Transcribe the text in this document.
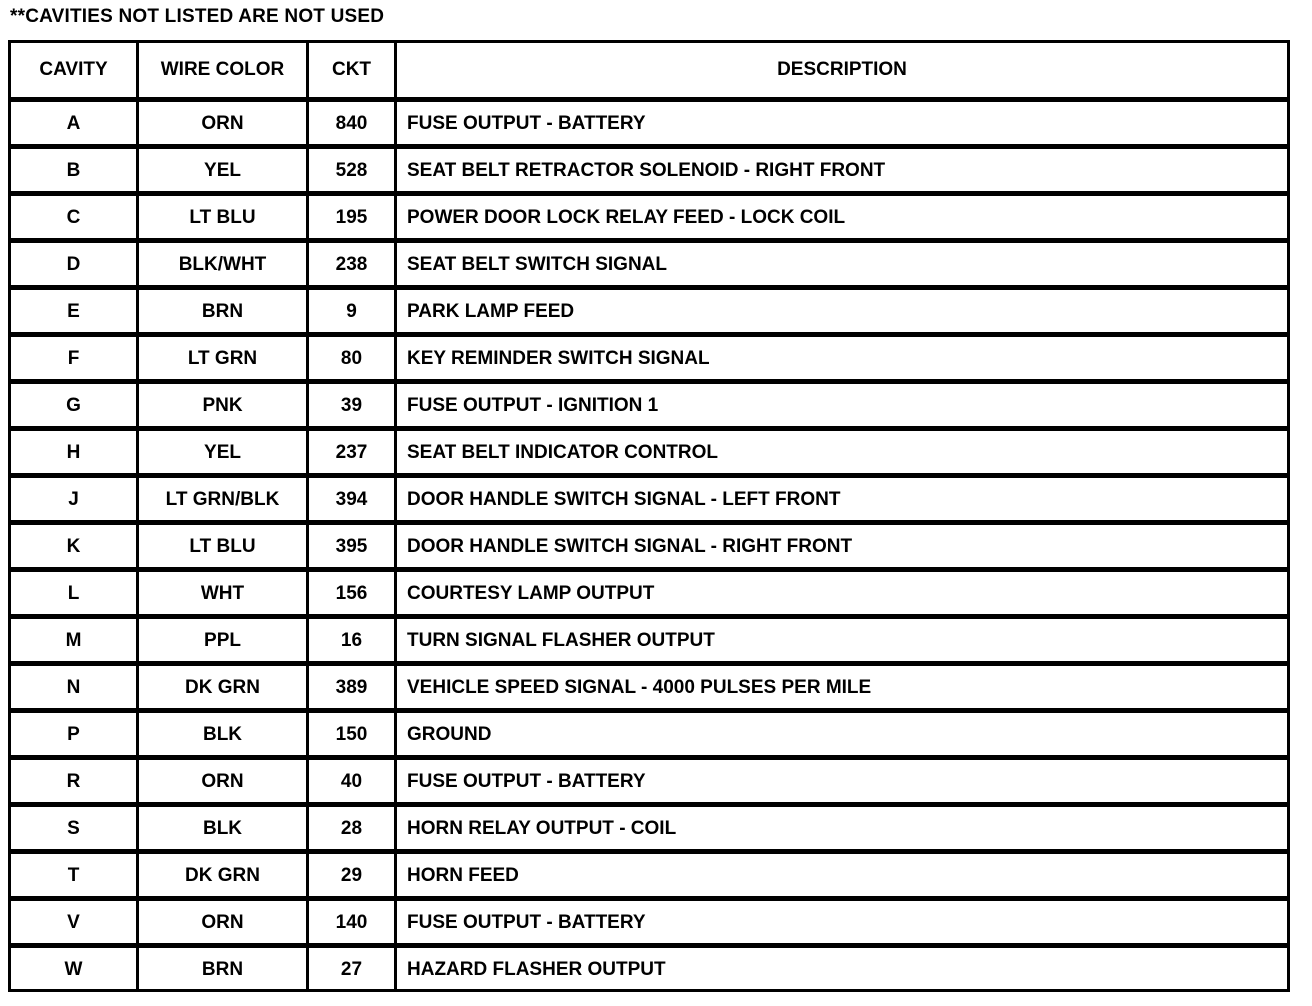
**CAVITIES NOT LISTED ARE NOT USED
CAVITY	WIRE COLOR	CKT	DESCRIPTION
A	ORN	840	FUSE OUTPUT - BATTERY
B	YEL	528	SEAT BELT RETRACTOR SOLENOID - RIGHT FRONT
C	LT BLU	195	POWER DOOR LOCK RELAY FEED - LOCK COIL
D	BLK/WHT	238	SEAT BELT SWITCH SIGNAL
E	BRN	9	PARK LAMP FEED
F	LT GRN	80	KEY REMINDER SWITCH SIGNAL
G	PNK	39	FUSE OUTPUT - IGNITION 1
H	YEL	237	SEAT BELT INDICATOR CONTROL
J	LT GRN/BLK	394	DOOR HANDLE SWITCH SIGNAL - LEFT FRONT
K	LT BLU	395	DOOR HANDLE SWITCH SIGNAL - RIGHT FRONT
L	WHT	156	COURTESY LAMP OUTPUT
M	PPL	16	TURN SIGNAL FLASHER OUTPUT
N	DK GRN	389	VEHICLE SPEED SIGNAL - 4000 PULSES PER MILE
P	BLK	150	GROUND
R	ORN	40	FUSE OUTPUT - BATTERY
S	BLK	28	HORN RELAY OUTPUT - COIL
T	DK GRN	29	HORN FEED
V	ORN	140	FUSE OUTPUT - BATTERY
W	BRN	27	HAZARD FLASHER OUTPUT
